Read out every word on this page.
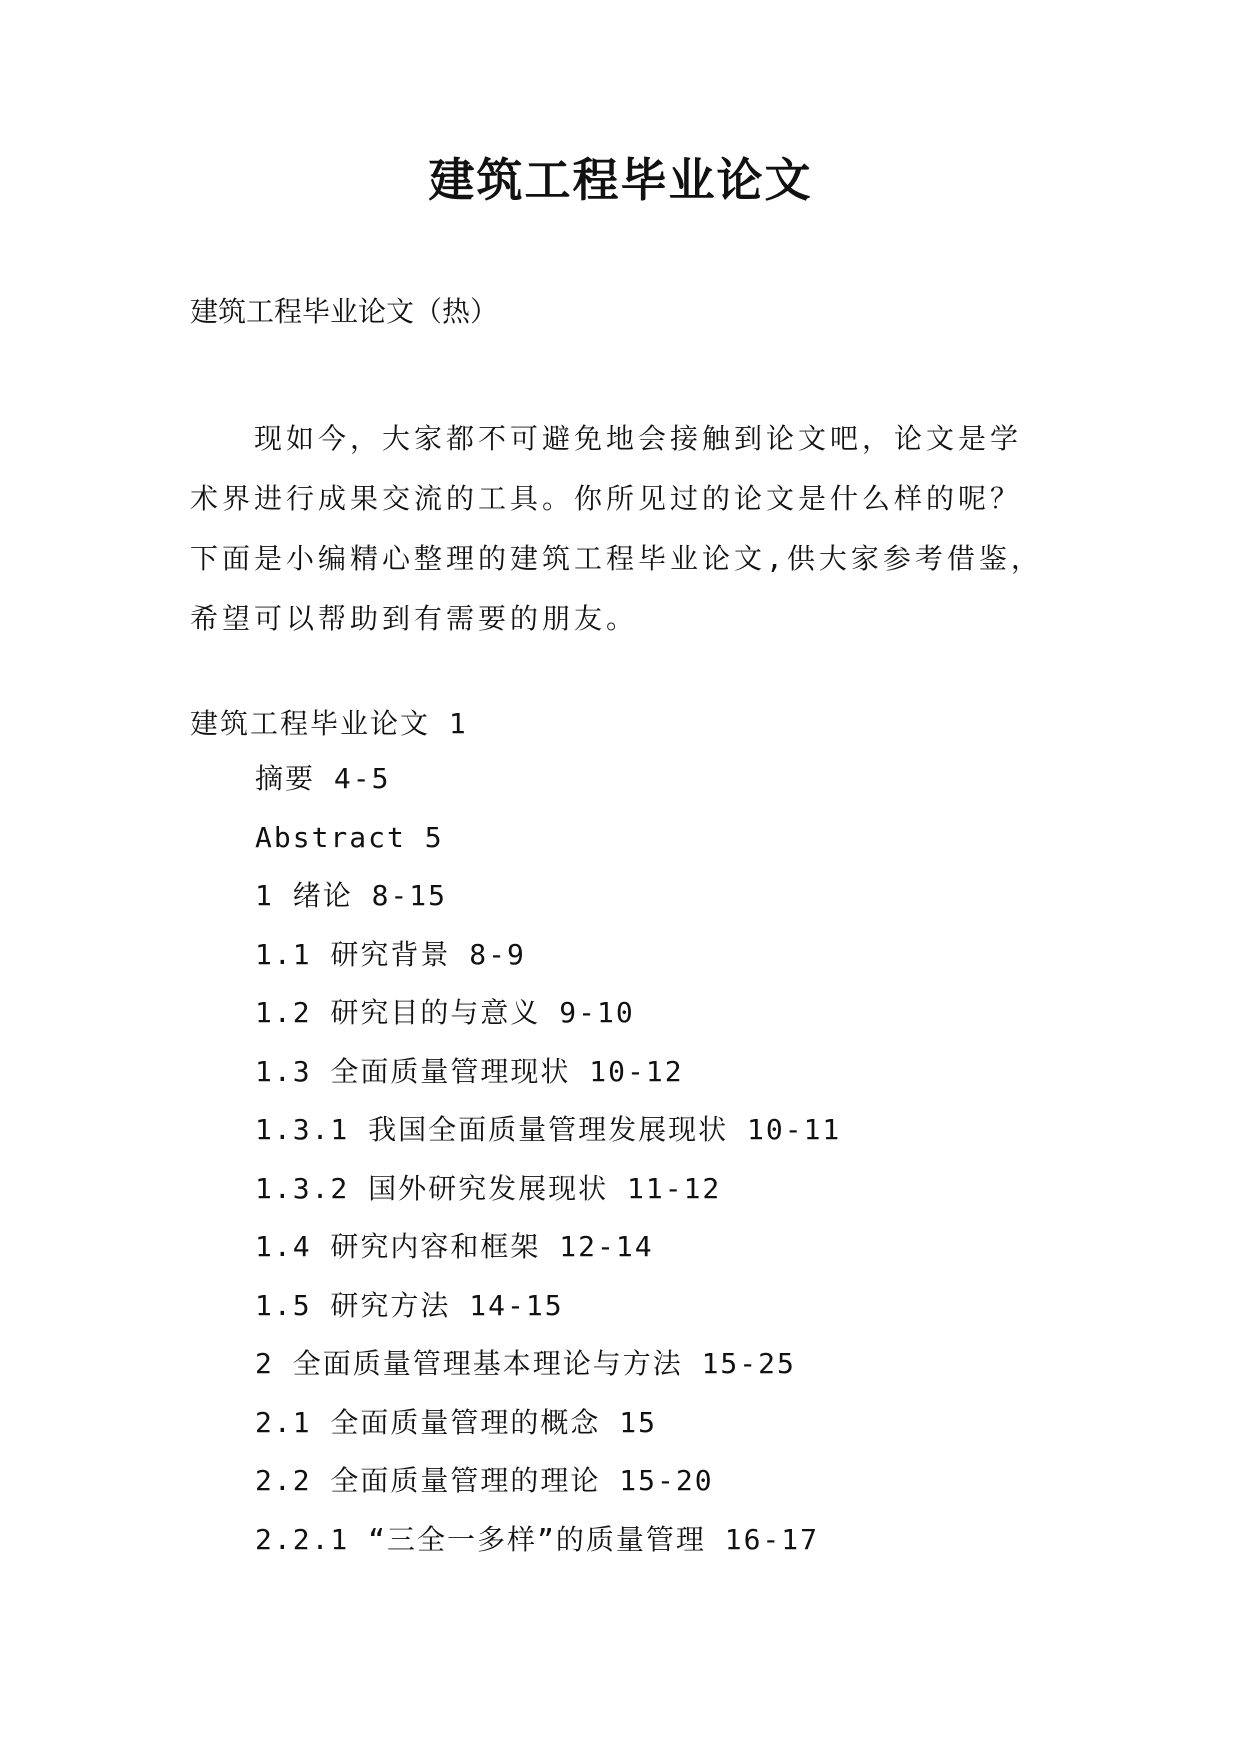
建筑工程毕业论文
建筑工程毕业论文（热）
现如今，大家都不可避免地会接触到论文吧，论文是学
术界进行成果交流的工具。你所见过的论文是什么样的呢？
下面是小编精心整理的建筑工程毕业论文,供大家参考借鉴，
希望可以帮助到有需要的朋友。
建筑工程毕业论文 1
摘要 4-5
Abstract 5
1 绪论 8-15
1.1 研究背景 8-9
1.2 研究目的与意义 9-10
1.3 全面质量管理现状 10-12
1.3.1 我国全面质量管理发展现状 10-11
1.3.2 国外研究发展现状 11-12
1.4 研究内容和框架 12-14
1.5 研究方法 14-15
2 全面质量管理基本理论与方法 15-25
2.1 全面质量管理的概念 15
2.2 全面质量管理的理论 15-20
2.2.1 “三全一多样”的质量管理 16-17
